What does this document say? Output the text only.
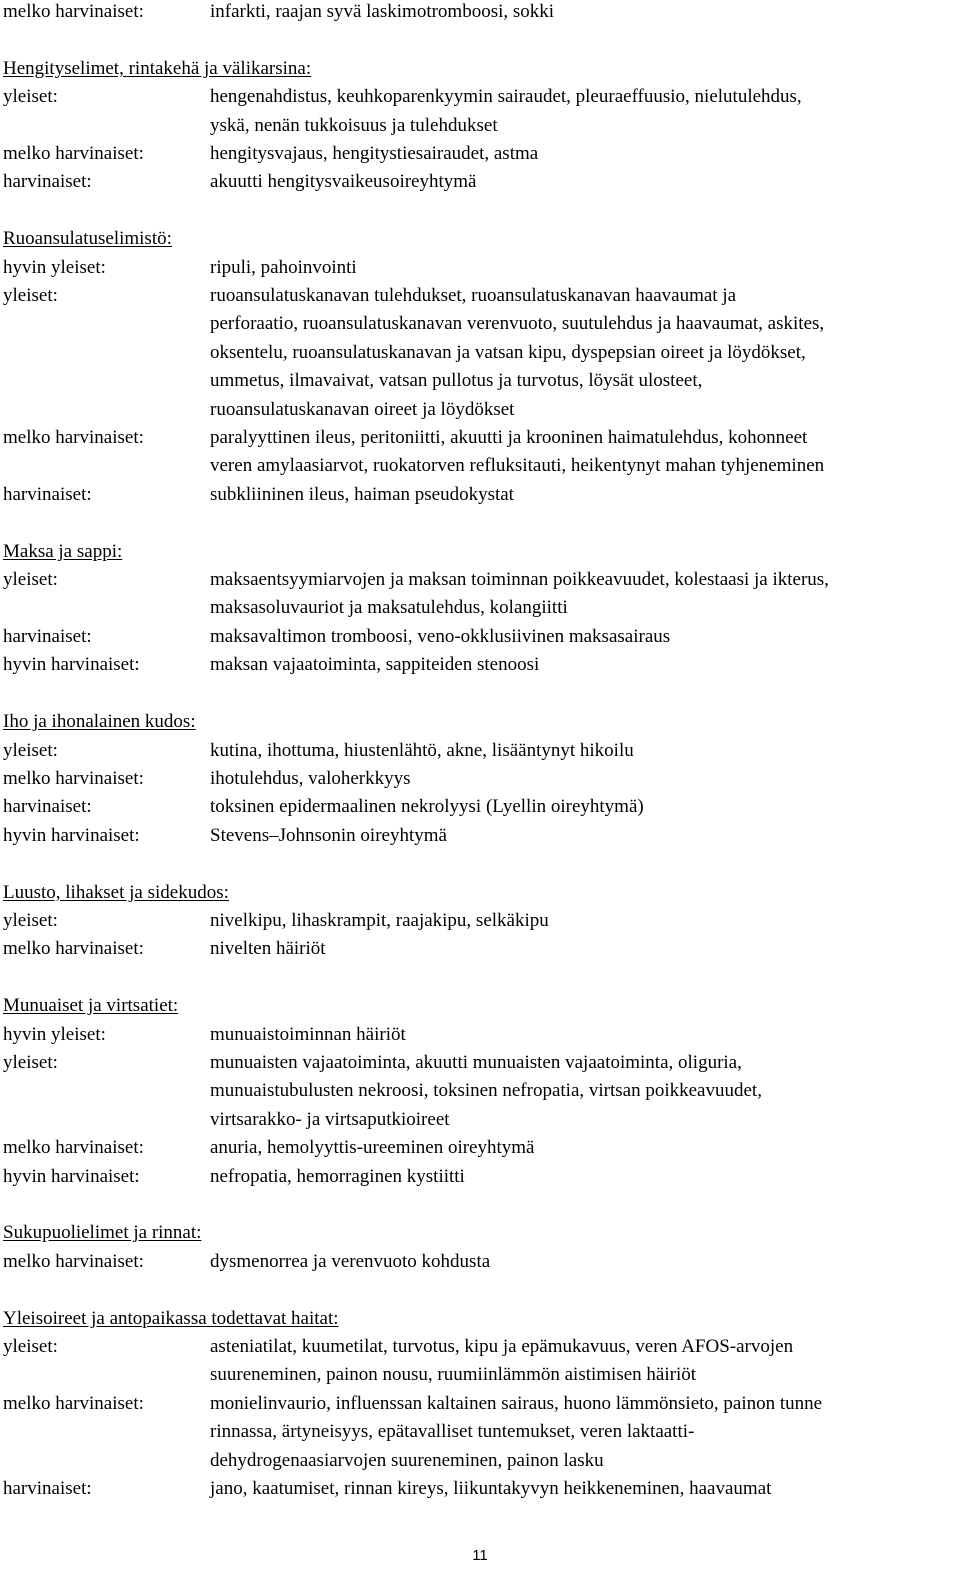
melko harvinaiset:	infarkti, raajan syvä laskimotromboosi, sokki
Hengityselimet, rintakehä ja välikarsina:
yleiset:	hengenahdistus, keuhkoparenkyymin sairaudet, pleuraeffuusio, nielutulehdus,
yskä, nenän tukkoisuus ja tulehdukset
melko harvinaiset:	hengitysvajaus, hengitystiesairaudet, astma
harvinaiset:	akuutti hengitysvaikeusoireyhtymä
Ruoansulatuselimistö:
hyvin yleiset:	ripuli, pahoinvointi
yleiset:	ruoansulatuskanavan tulehdukset, ruoansulatuskanavan haavaumat ja
perforaatio, ruoansulatuskanavan verenvuoto, suutulehdus ja haavaumat, askites,
oksentelu, ruoansulatuskanavan ja vatsan kipu, dyspepsian oireet ja löydökset,
ummetus, ilmavaivat, vatsan pullotus ja turvotus, löysät ulosteet,
ruoansulatuskanavan oireet ja löydökset
melko harvinaiset:	paralyyttinen ileus, peritoniitti, akuutti ja krooninen haimatulehdus, kohonneet
veren amylaasiarvot, ruokatorven refluksitauti, heikentynyt mahan tyhjeneminen
harvinaiset:	subkliininen ileus, haiman pseudokystat
Maksa ja sappi:
yleiset:	maksaentsyymiarvojen ja maksan toiminnan poikkeavuudet, kolestaasi ja ikterus,
maksasoluvauriot ja maksatulehdus, kolangiitti
harvinaiset:	maksavaltimon tromboosi, veno-okklusiivinen maksasairaus
hyvin harvinaiset:	maksan vajaatoiminta, sappiteiden stenoosi
Iho ja ihonalainen kudos:
yleiset:	kutina, ihottuma, hiustenlähtö, akne, lisääntynyt hikoilu
melko harvinaiset:	ihotulehdus, valoherkkyys
harvinaiset:	toksinen epidermaalinen nekrolyysi (Lyellin oireyhtymä)
hyvin harvinaiset:	Stevens–Johnsonin oireyhtymä
Luusto, lihakset ja sidekudos:
yleiset:	nivelkipu, lihaskrampit, raajakipu, selkäkipu
melko harvinaiset:	nivelten häiriöt
Munuaiset ja virtsatiet:
hyvin yleiset:	munuaistoiminnan häiriöt
yleiset:	munuaisten vajaatoiminta, akuutti munuaisten vajaatoiminta, oliguria,
munuaistubulusten nekroosi, toksinen nefropatia, virtsan poikkeavuudet,
virtsarakko- ja virtsaputkioireet
melko harvinaiset:	anuria, hemolyyttis-ureeminen oireyhtymä
hyvin harvinaiset:	nefropatia, hemorraginen kystiitti
Sukupuolielimet ja rinnat:
melko harvinaiset:	dysmenorrea ja verenvuoto kohdusta
Yleisoireet ja antopaikassa todettavat haitat:
yleiset:	asteniatilat, kuumetilat, turvotus, kipu ja epämukavuus, veren AFOS-arvojen
suureneminen, painon nousu, ruumiinlämmön aistimisen häiriöt
melko harvinaiset:	monielinvaurio, influenssan kaltainen sairaus, huono lämmönsieto, painon tunne
rinnassa, ärtyneisyys, epätavalliset tuntemukset, veren laktaatti-
dehydrogenaasiarvojen suureneminen, painon lasku
harvinaiset:	jano, kaatumiset, rinnan kireys, liikuntakyvyn heikkeneminen, haavaumat
11
